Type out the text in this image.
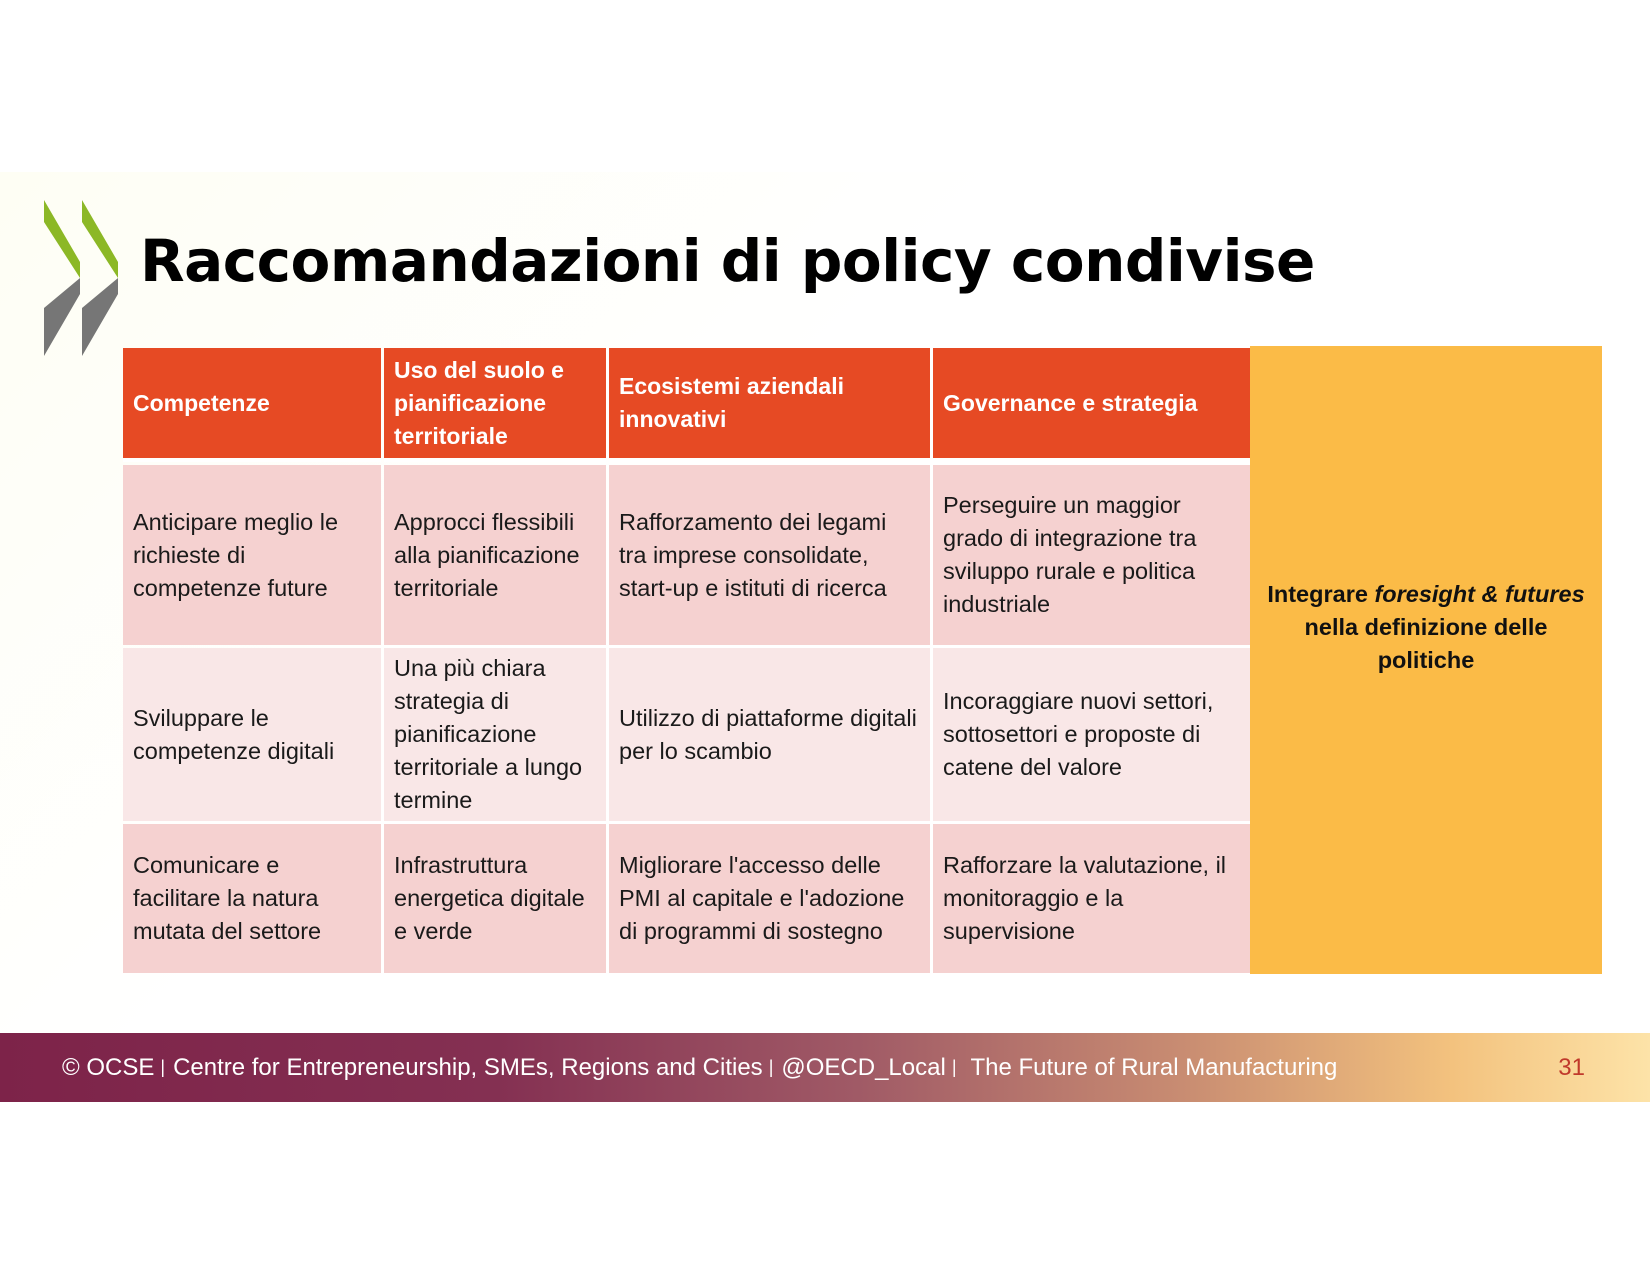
Raccomandazioni di policy condivise
Competenze	Uso del suolo e pianificazione territoriale	Ecosistemi aziendali innovativi	Governance e strategia
Anticipare meglio le richieste di competenze future	Approcci flessibili alla pianificazione territoriale	Rafforzamento dei legami tra imprese consolidate, start-up e istituti di ricerca	Perseguire un maggior grado di integrazione tra sviluppo rurale e politica industriale
Sviluppare le competenze digitali	Una più chiara strategia di pianificazione territoriale a lungo termine	Utilizzo di piattaforme digitali per lo scambio	Incoraggiare nuovi settori, sottosettori e proposte di catene del valore
Comunicare e facilitare la natura mutata del settore	Infrastruttura energetica digitale e verde	Migliorare l'accesso delle PMI al capitale e l'adozione di programmi di sostegno	Rafforzare la valutazione, il monitoraggio e la supervisione
Integrare foresight & futures
nella definizione delle politiche
© OCSE | Centre for Entrepreneurship, SMEs, Regions and Cities | @OECD_Local | The Future of Rural Manufacturing	31
